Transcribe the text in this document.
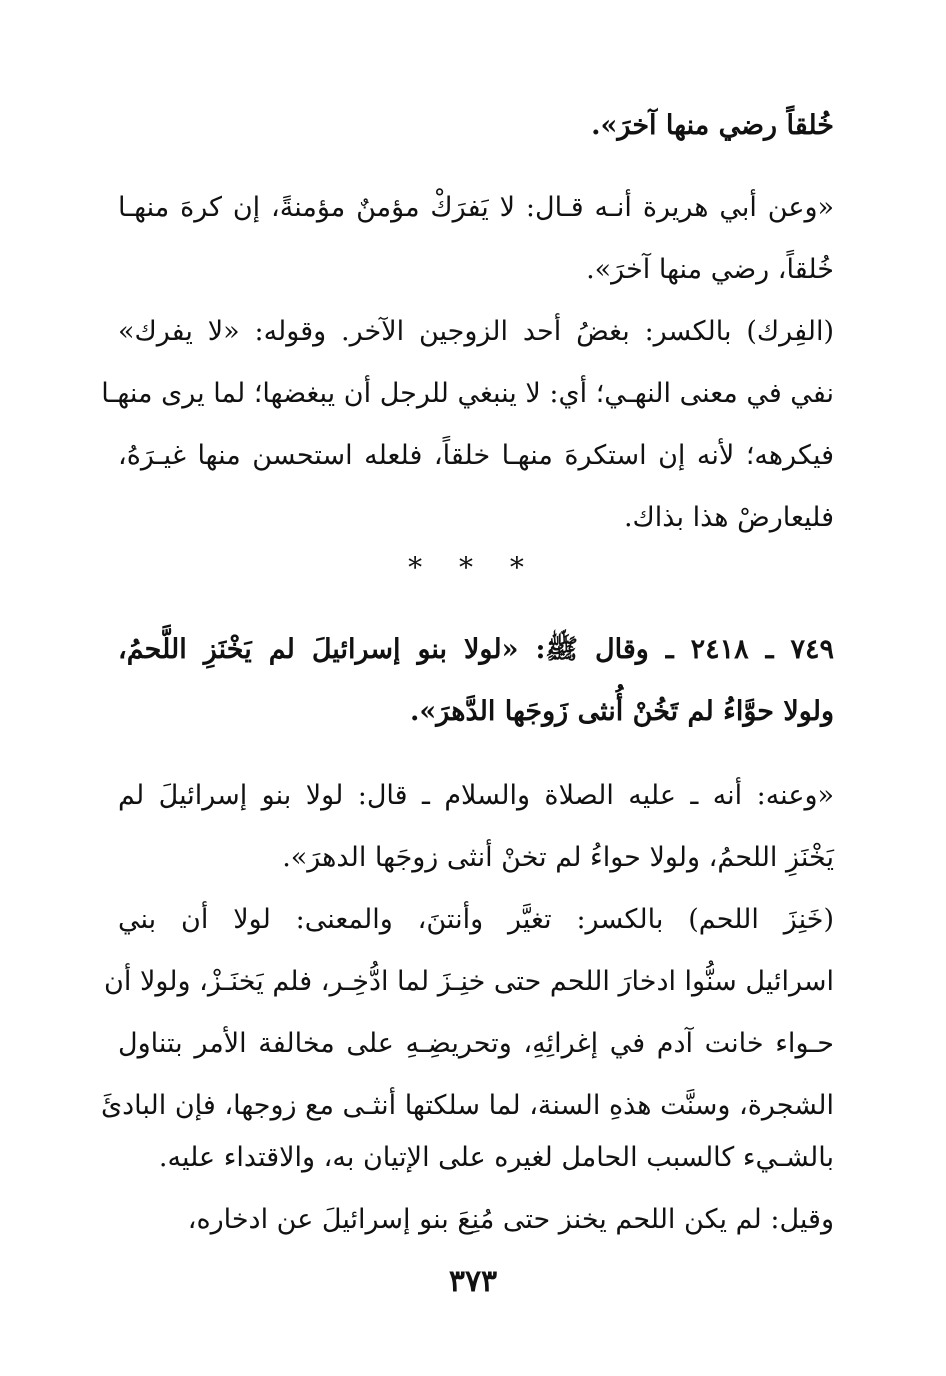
خُلقاً رضي منها آخرَ».
«وعن أبي هريرة أنـه قـال: لا يَفرَكْ مؤمنٌ مؤمنةً، إن كرهَ منهـا
خُلقاً، رضي منها آخرَ».
(الفِرك) بالكسر: بغضُ أحد الزوجين الآخر. وقوله: «لا يفرك»
نفي في معنى النهـي؛ أي: لا ينبغي للرجل أن يبغضها؛ لما يرى منهـا
فيكرهه؛ لأنه إن استكرهَ منهـا خلقاً، فلعله استحسن منها غيـرَهُ،
فليعارضْ هذا بذاك.
* * *
٧٤٩ ـ ٢٤١٨ ـ وقال ﷺ: «لولا بنو إسرائيلَ لم يَخْنَزِ اللَّحمُ،
ولولا حوَّاءُ لم تَخُنْ أُنثى زَوجَها الدَّهرَ».
«وعنه: أنه ـ عليه الصلاة والسلام ـ قال: لولا بنو إسرائيلَ لم
يَخْنَزِ اللحمُ، ولولا حواءُ لم تخنْ أنثى زوجَها الدهرَ».
(خَنِزَ اللحم) بالكسر: تغيَّر وأنتنَ، والمعنى: لولا أن بني
اسرائيل سنُّوا ادخارَ اللحم حتى خنِـزَ لما ادُّخِـر، فلم يَخنَـزْ، ولولا أن
حـواء خانت آدم في إغرائِهِ، وتحريضِـهِ على مخالفة الأمر بتناول
الشجرة، وسنَّت هذهِ السنة، لما سلكتها أنثـى مع زوجها، فإن البادئَ
بالشـيء كالسبب الحامل لغيره على الإتيان به، والاقتداء عليه.
وقيل: لم يكن اللحم يخنز حتى مُنِعَ بنو إسرائيلَ عن ادخاره،
٣٧٣
